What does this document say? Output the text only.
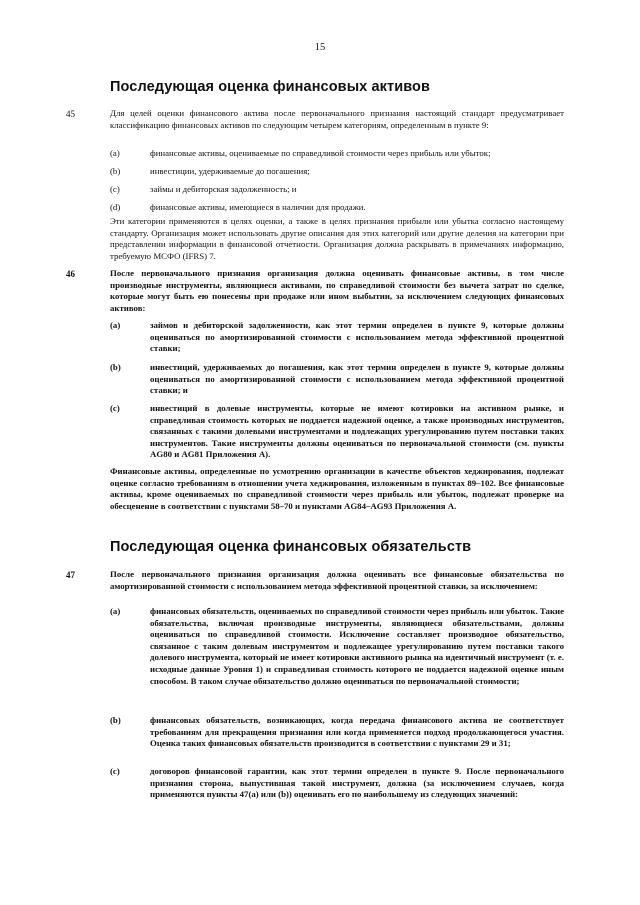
15
Последующая оценка финансовых активов
45	Для целей оценки финансового актива после первоначального признания настоящий стандарт предусматривает классификацию финансовых активов по следующим четырем категориям, определенным в пункте 9:
(a)	финансовые активы, оцениваемые по справедливой стоимости через прибыль или убыток;
(b)	инвестиции, удерживаемые до погашения;
(c)	займы и дебиторская задолженность; и
(d)	финансовые активы, имеющиеся в наличии для продажи.
Эти категории применяются в целях оценки, а также в целях признания прибыли или убытка согласно настоящему стандарту. Организация может использовать другие описания для этих категорий или другие деления на категории при представлении информации в финансовой отчетности. Организация должна раскрывать в примечаниях информацию, требуемую МСФО (IFRS) 7.
46	После первоначального признания организация должна оценивать финансовые активы, в том числе производные инструменты, являющиеся активами, по справедливой стоимости без вычета затрат по сделке, которые могут быть ею понесены при продаже или ином выбытии, за исключением следующих финансовых активов:
(a)	займов и дебиторской задолженности, как этот термин определен в пункте 9, которые должны оцениваться по амортизированной стоимости с использованием метода эффективной процентной ставки;
(b)	инвестиций, удерживаемых до погашения, как этот термин определен в пункте 9, которые должны оцениваться по амортизированной стоимости с использованием метода эффективной процентной ставки; и
(c)	инвестиций в долевые инструменты, которые не имеют котировки на активном рынке, и справедливая стоимость которых не поддается надежной оценке, а также производных инструментов, связанных с такими долевыми инструментами и подлежащих урегулированию путем поставки таких инструментов. Такие инструменты должны оцениваться по первоначальной стоимости (см. пункты AG80 и AG81 Приложения А).
Финансовые активы, определенные по усмотрению организации в качестве объектов хеджирования, подлежат оценке согласно требованиям в отношении учета хеджирования, изложенным в пунктах 89–102. Все финансовые активы, кроме оцениваемых по справедливой стоимости через прибыль или убыток, подлежат проверке на обесценение в соответствии с пунктами 58–70 и пунктами AG84–AG93 Приложения А.
Последующая оценка финансовых обязательств
47	После первоначального признания организация должна оценивать все финансовые обязательства по амортизированной стоимости с использованием метода эффективной процентной ставки, за исключением:
(a)	финансовых обязательств, оцениваемых по справедливой стоимости через прибыль или убыток. Такие обязательства, включая производные инструменты, являющиеся обязательствами, должны оцениваться по справедливой стоимости. Исключение составляет производное обязательство, связанное с таким долевым инструментом и подлежащее урегулированию путем поставки такого долевого инструмента, который не имеет котировки активного рынка на идентичный инструмент (т. е. исходные данные Уровня 1) и справедливая стоимость которого не поддается надежной оценке иным способом. В таком случае обязательство должно оцениваться по первоначальной стоимости;
(b)	финансовых обязательств, возникающих, когда передача финансового актива не соответствует требованиям для прекращения признания или когда применяется подход продолжающегося участия. Оценка таких финансовых обязательств производится в соответствии с пунктами 29 и 31;
(c)	договоров финансовой гарантии, как этот термин определен в пункте 9. После первоначального признания сторона, выпустившая такой инструмент, должна (за исключением случаев, когда применяются пункты 47(a) или (b)) оценивать его по наибольшему из следующих значений:
